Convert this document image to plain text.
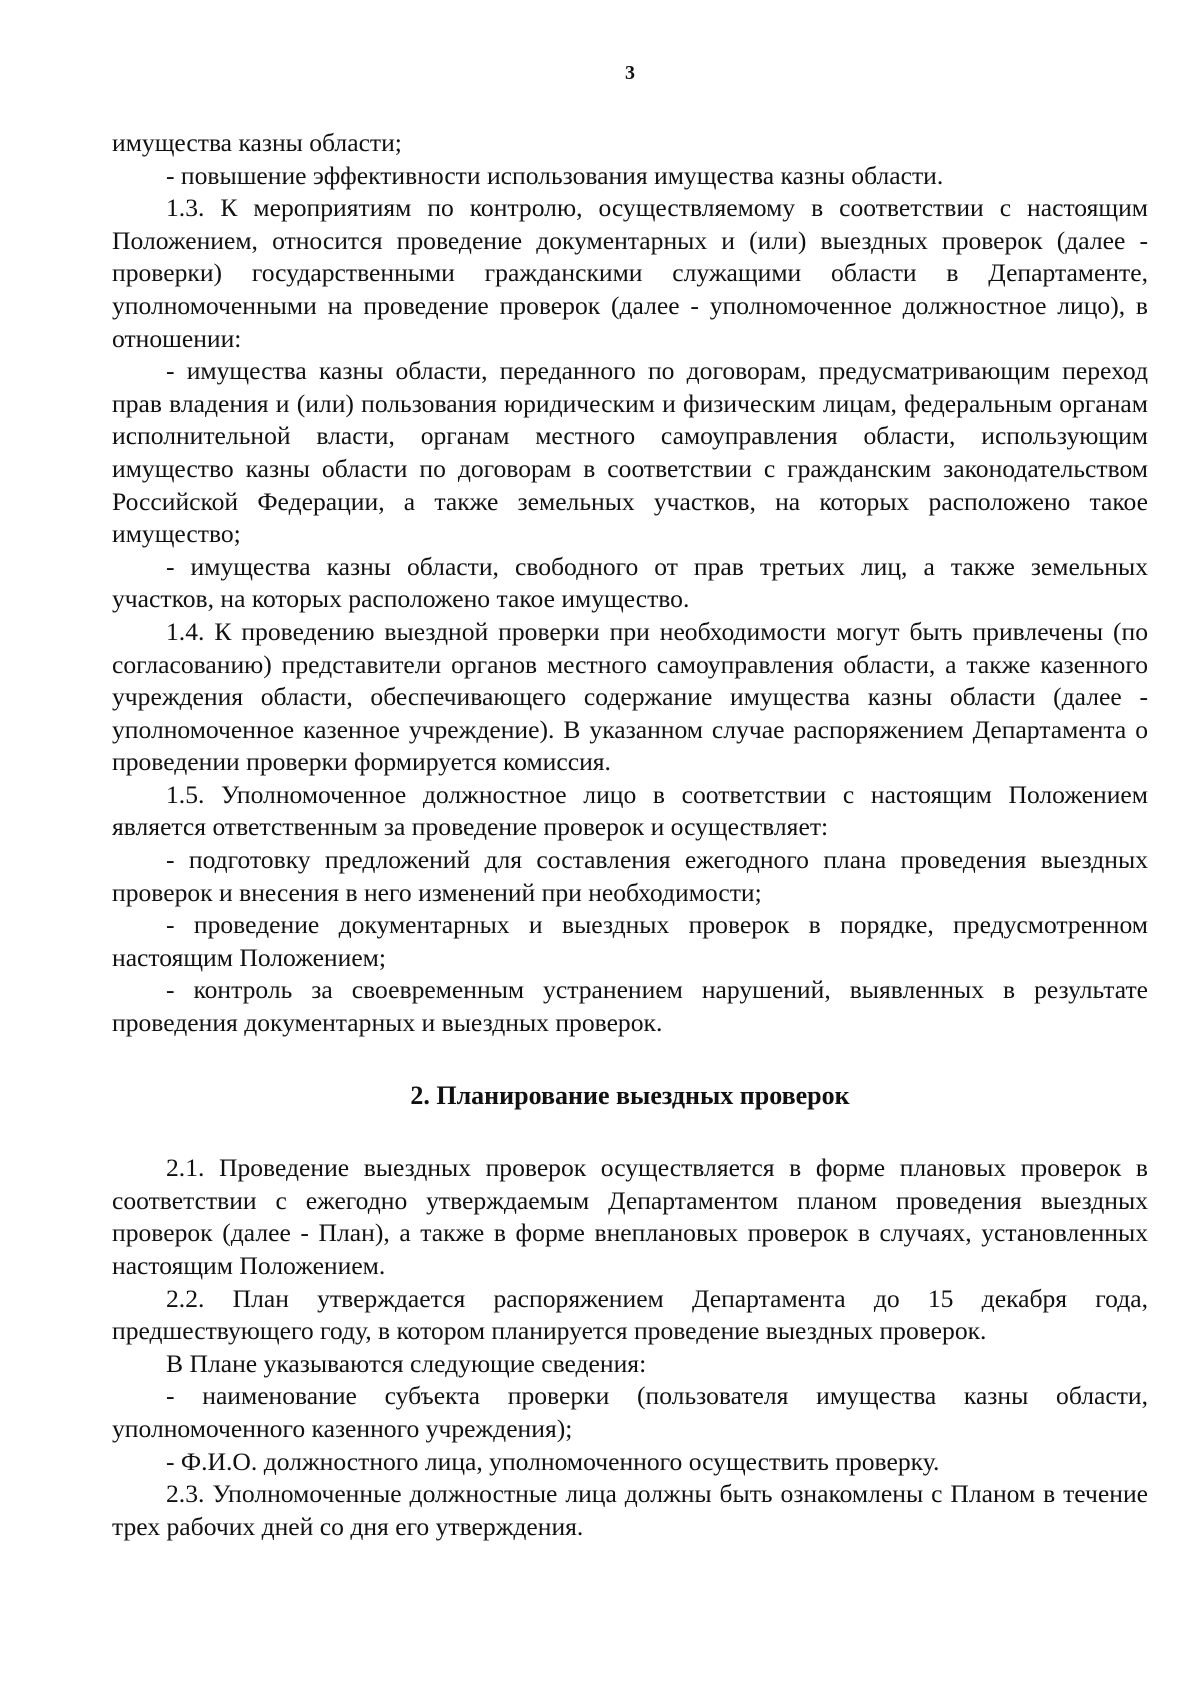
3

имущества казны области;

- повышение эффективности использования имущества казны области.

1.3. К мероприятиям по контролю, осуществляемому в соответствии с настоящим Положением, относится проведение документарных и (или) выездных проверок (далее - проверки) государственными гражданскими служащими области в Департаменте, уполномоченными на проведение проверок (далее - уполномоченное должностное лицо), в отношении:

- имущества казны области, переданного по договорам, предусматривающим переход прав владения и (или) пользования юридическим и физическим лицам, федеральным органам исполнительной власти, органам местного самоуправления области, использующим имущество казны области по договорам в соответствии с гражданским законодательством Российской Федерации, а также земельных участков, на которых расположено такое имущество;

- имущества казны области, свободного от прав третьих лиц, а также земельных участков, на которых расположено такое имущество.

1.4. К проведению выездной проверки при необходимости могут быть привлечены (по согласованию) представители органов местного самоуправления области, а также казенного учреждения области, обеспечивающего содержание имущества казны области (далее - уполномоченное казенное учреждение). В указанном случае распоряжением Департамента о проведении проверки формируется комиссия.

1.5. Уполномоченное должностное лицо в соответствии с настоящим Положением является ответственным за проведение проверок и осуществляет:

- подготовку предложений для составления ежегодного плана проведения выездных проверок и внесения в него изменений при необходимости;

- проведение документарных и выездных проверок в порядке, предусмотренном настоящим Положением;

- контроль за своевременным устранением нарушений, выявленных в результате проведения документарных и выездных проверок.

2. Планирование выездных проверок

2.1. Проведение выездных проверок осуществляется в форме плановых проверок в соответствии с ежегодно утверждаемым Департаментом планом проведения выездных проверок (далее - План), а также в форме внеплановых проверок в случаях, установленных настоящим Положением.

2.2. План утверждается распоряжением Департамента до 15 декабря года, предшествующего году, в котором планируется проведение выездных проверок.

В Плане указываются следующие сведения:

- наименование субъекта проверки (пользователя имущества казны области, уполномоченного казенного учреждения);

- Ф.И.О. должностного лица, уполномоченного осуществить проверку.

2.3. Уполномоченные должностные лица должны быть ознакомлены с Планом в течение трех рабочих дней со дня его утверждения.
